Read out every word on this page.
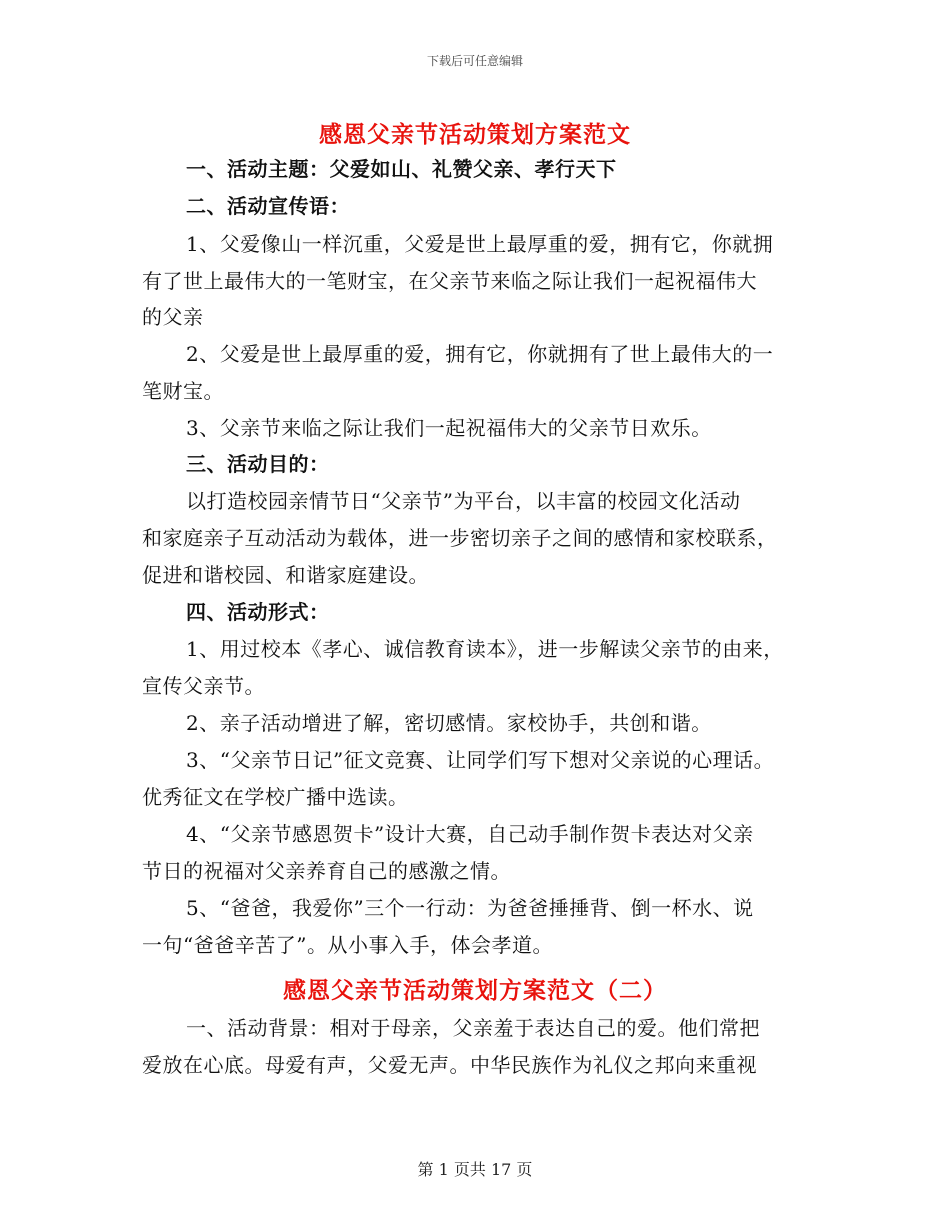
下载后可任意编辑
感恩父亲节活动策划方案范文
一、活动主题：父爱如山、礼赞父亲、孝行天下
二、活动宣传语：
1、父爱像山一样沉重，父爱是世上最厚重的爱，拥有它，你就拥
有了世上最伟大的一笔财宝，在父亲节来临之际让我们一起祝福伟大
的父亲
2、父爱是世上最厚重的爱，拥有它，你就拥有了世上最伟大的一
笔财宝。
3、父亲节来临之际让我们一起祝福伟大的父亲节日欢乐。
三、活动目的：
以打造校园亲情节日“父亲节”为平台，以丰富的校园文化活动
和家庭亲子互动活动为载体，进一步密切亲子之间的感情和家校联系，
促进和谐校园、和谐家庭建设。
四、活动形式：
1、用过校本《孝心、诚信教育读本》，进一步解读父亲节的由来，
宣传父亲节。
2、亲子活动增进了解，密切感情。家校协手，共创和谐。
3、“父亲节日记”征文竞赛、让同学们写下想对父亲说的心理话。
优秀征文在学校广播中选读。
4、“父亲节感恩贺卡”设计大赛，自己动手制作贺卡表达对父亲
节日的祝福对父亲养育自己的感激之情。
5、“爸爸，我爱你”三个一行动：为爸爸捶捶背、倒一杯水、说
一句“爸爸辛苦了”。从小事入手，体会孝道。
感恩父亲节活动策划方案范文（二）
一、活动背景：相对于母亲，父亲羞于表达自己的爱。他们常把
爱放在心底。母爱有声，父爱无声。中华民族作为礼仪之邦向来重视
第 1 页共 17 页
